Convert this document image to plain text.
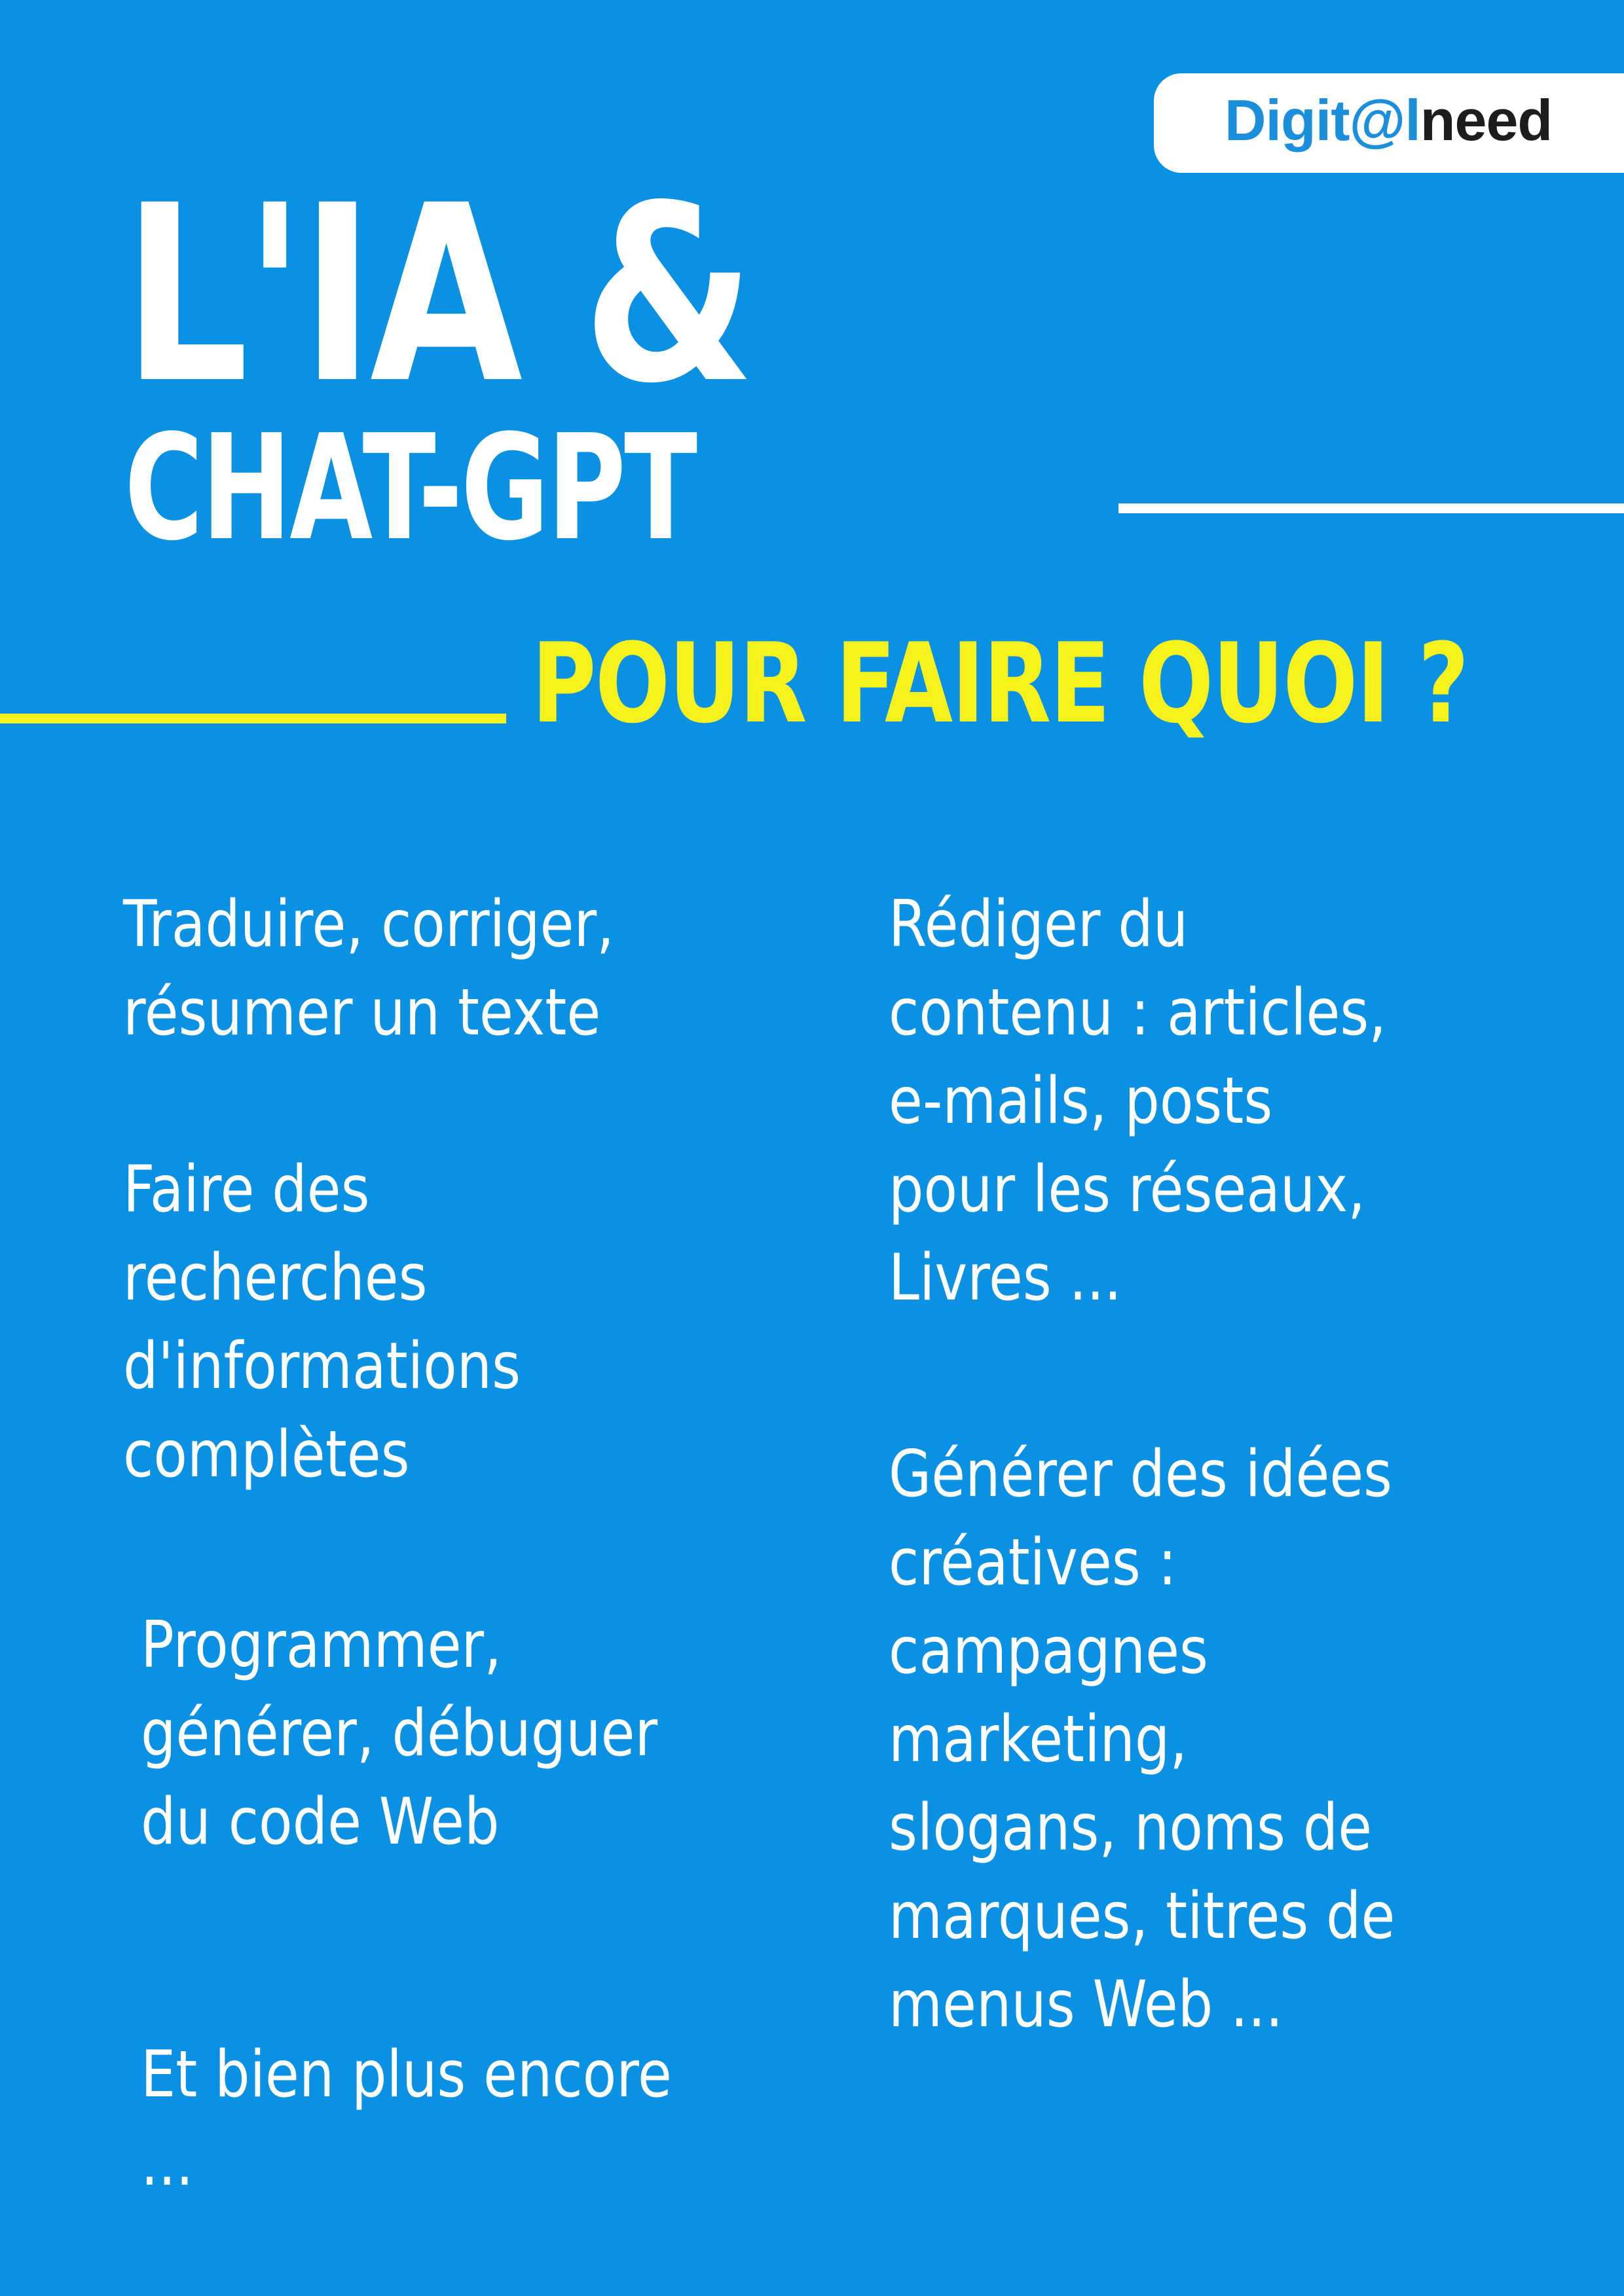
Digit@lneed
L'IA &
CHAT-GPT
POUR FAIRE QUOI ?

Traduire, corriger,
résumer un texte

Faire des
recherches
d'informations
complètes

Programmer,
générer, débuguer
du code Web

Et bien plus encore
...

Rédiger du
contenu : articles,
e-mails, posts
pour les réseaux,
Livres ...

Générer des idées
créatives :
campagnes
marketing,
slogans, noms de
marques, titres de
menus Web ...
